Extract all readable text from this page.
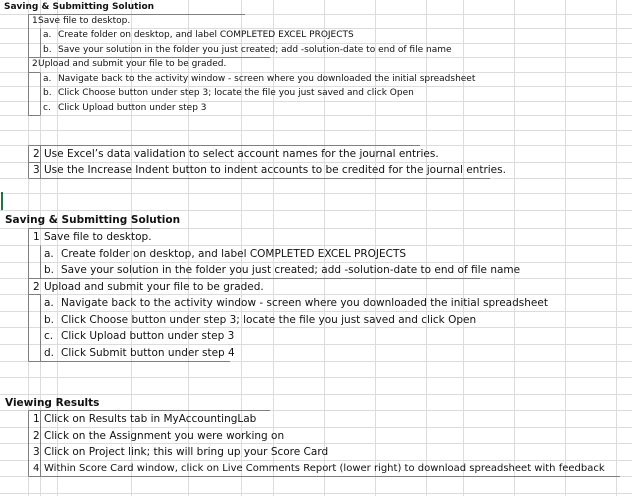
Saving & Submitting Solution
1 Save file to desktop.
a. Create folder on desktop, and label COMPLETED EXCEL PROJECTS
b. Save your solution in the folder you just created; add -solution-date to end of file name
2 Upload and submit your file to be graded.
a. Navigate back to the activity window - screen where you downloaded the initial spreadsheet
b. Click Choose button under step 3; locate the file you just saved and click Open
c. Click Upload button under step 3
2 Use Excel’s data validation to select account names for the journal entries.
3 Use the Increase Indent button to indent accounts to be credited for the journal entries.
Saving & Submitting Solution
1 Save file to desktop.
a. Create folder on desktop, and label COMPLETED EXCEL PROJECTS
b. Save your solution in the folder you just created; add -solution-date to end of file name
2 Upload and submit your file to be graded.
a. Navigate back to the activity window - screen where you downloaded the initial spreadsheet
b. Click Choose button under step 3; locate the file you just saved and click Open
c. Click Upload button under step 3
d. Click Submit button under step 4
Viewing Results
1 Click on Results tab in MyAccountingLab
2 Click on the Assignment you were working on
3 Click on Project link; this will bring up your Score Card
4 Within Score Card window, click on Live Comments Report (lower right) to download spreadsheet with feedback
